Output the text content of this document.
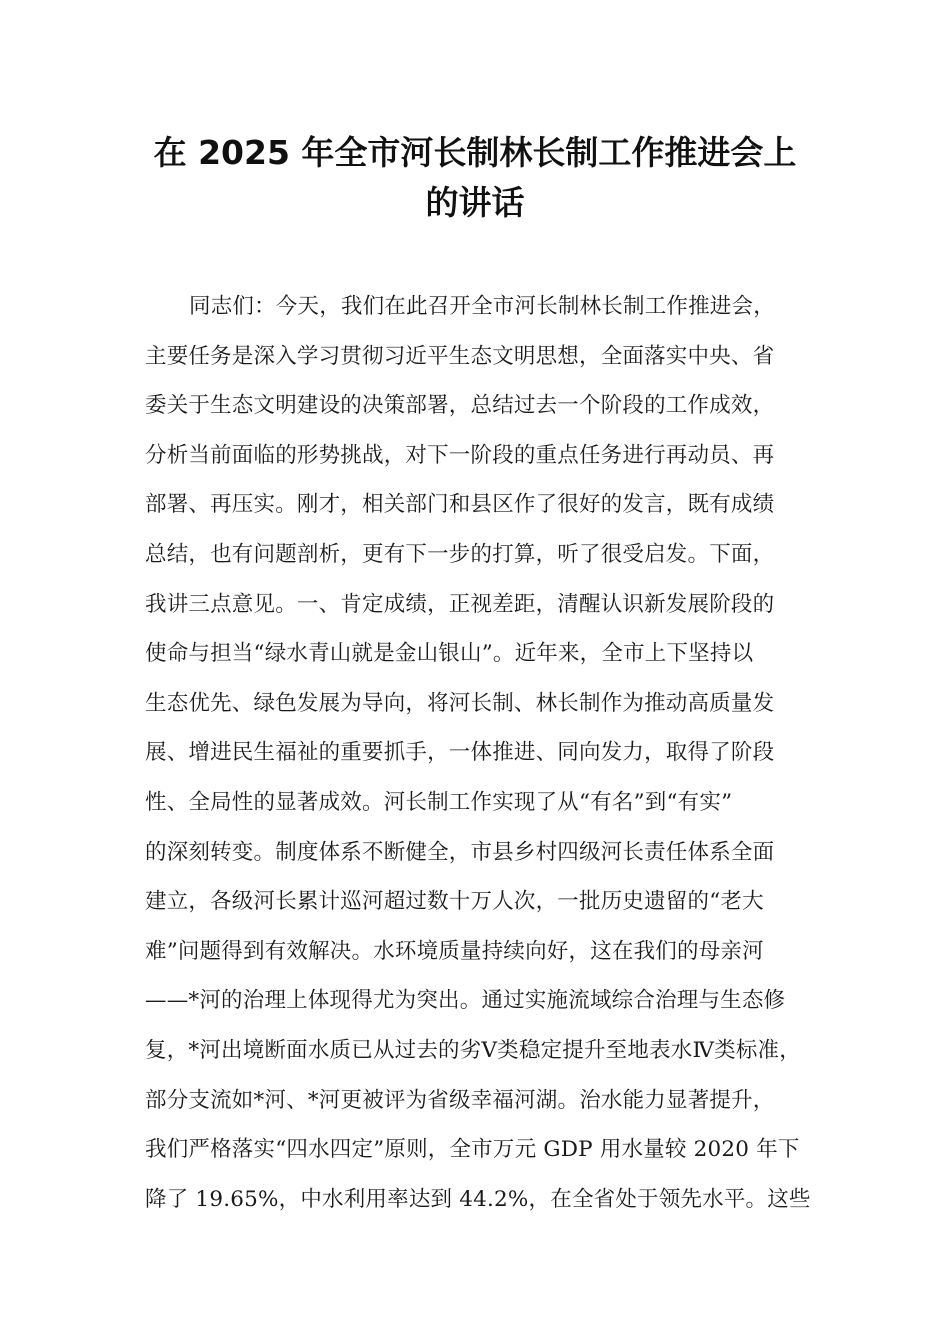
在 2025 年全市河长制林长制工作推进会上
的讲话
同志们：今天，我们在此召开全市河长制林长制工作推进会，
主要任务是深入学习贯彻习近平生态文明思想，全面落实中央、省
委关于生态文明建设的决策部署，总结过去一个阶段的工作成效，
分析当前面临的形势挑战，对下一阶段的重点任务进行再动员、再
部署、再压实。刚才，相关部门和县区作了很好的发言，既有成绩
总结，也有问题剖析，更有下一步的打算，听了很受启发。下面，
我讲三点意见。一、肯定成绩，正视差距，清醒认识新发展阶段的
使命与担当“绿水青山就是金山银山”。近年来，全市上下坚持以
生态优先、绿色发展为导向，将河长制、林长制作为推动高质量发
展、增进民生福祉的重要抓手，一体推进、同向发力，取得了阶段
性、全局性的显著成效。河长制工作实现了从“有名”到“有实”
的深刻转变。制度体系不断健全，市县乡村四级河长责任体系全面
建立，各级河长累计巡河超过数十万人次，一批历史遗留的“老大
难”问题得到有效解决。水环境质量持续向好，这在我们的母亲河
——*河的治理上体现得尤为突出。通过实施流域综合治理与生态修
复，*河出境断面水质已从过去的劣Ⅴ类稳定提升至地表水Ⅳ类标准，
部分支流如*河、*河更被评为省级幸福河湖。治水能力显著提升，
我们严格落实“四水四定”原则，全市万元 GDP 用水量较 2020 年下
降了 19.65%，中水利用率达到 44.2%，在全省处于领先水平。这些
